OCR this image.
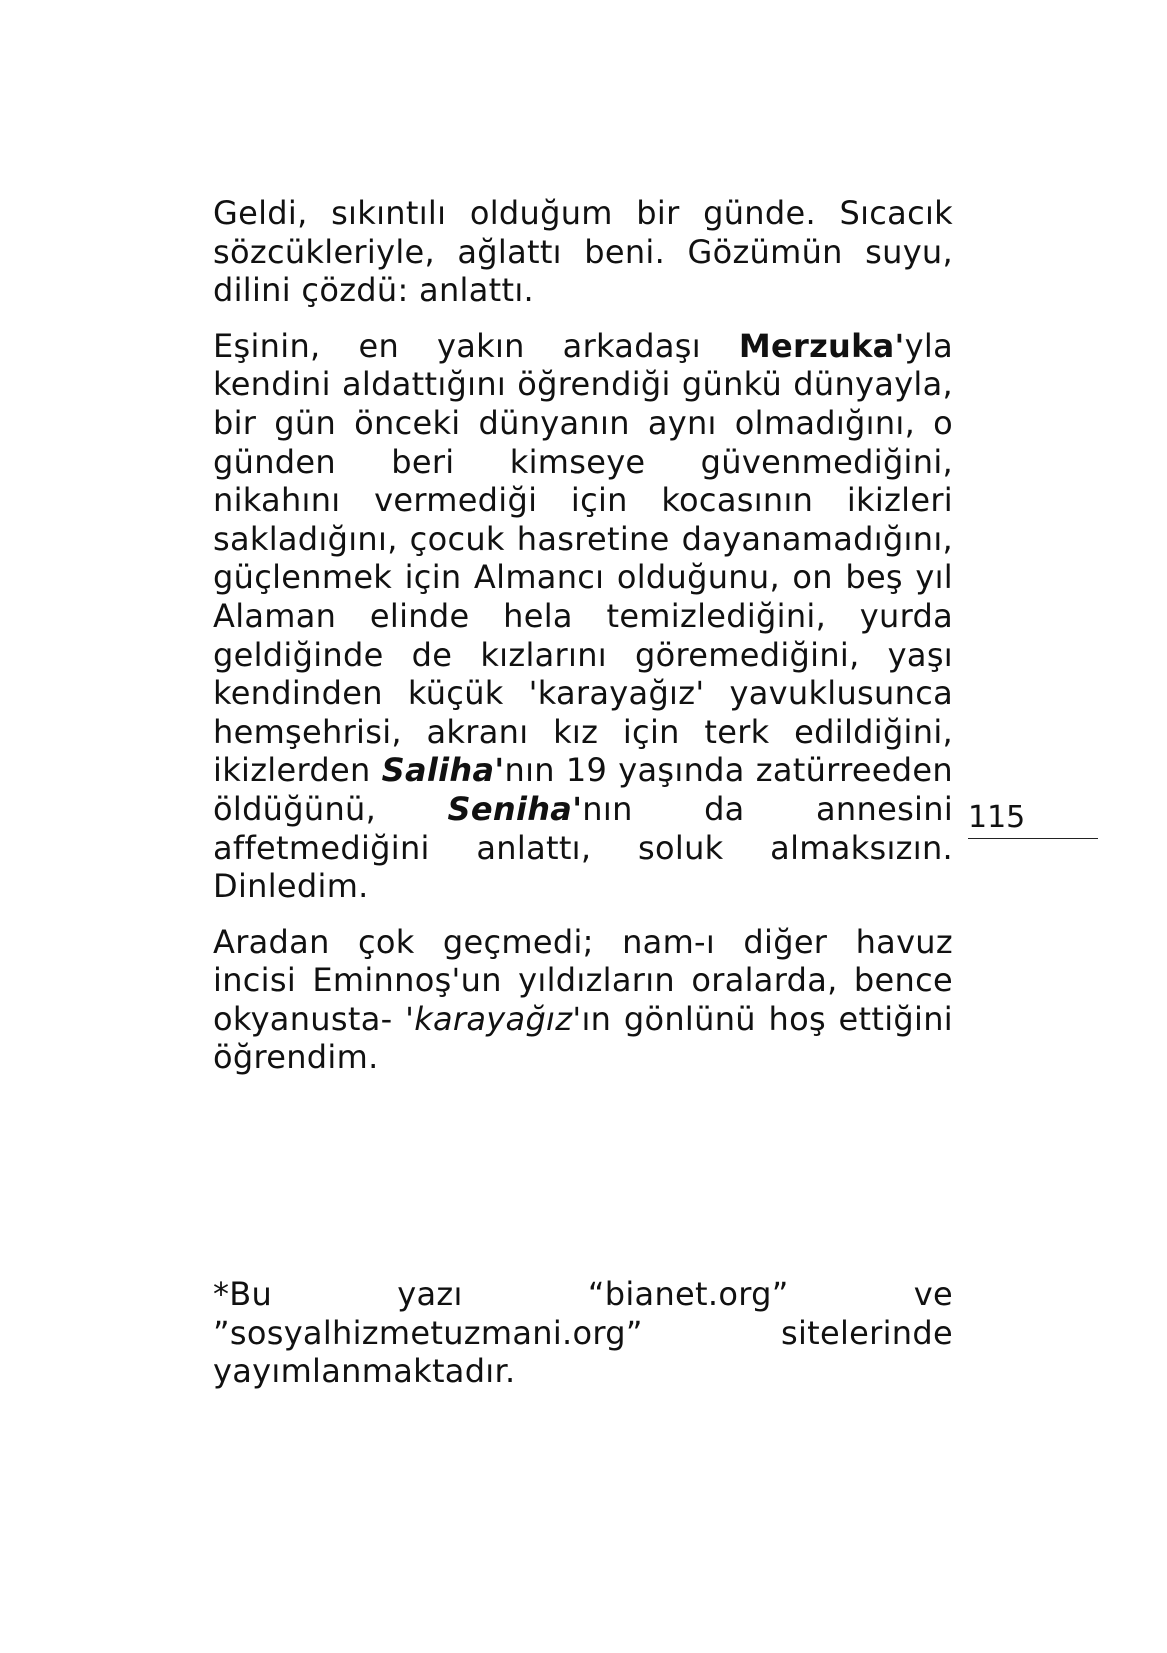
Geldi, sıkıntılı olduğum bir günde. Sıcacık sözcükleriyle, ağlattı beni. Gözümün suyu, dilini çözdü: anlattı.

Eşinin, en yakın arkadaşı Merzuka'yla kendini aldattığını öğrendiği günkü dünyayla, bir gün önceki dünyanın aynı olmadığını, o günden beri kimseye güvenmediğini, nikahını vermediği için kocasının ikizleri sakladığını, çocuk hasretine dayanamadığını, güçlenmek için Almancı olduğunu, on beş yıl Alaman elinde hela temizlediğini, yurda geldiğinde de kızlarını göremediğini, yaşı kendinden küçük 'karayağız' yavuklusunca hemşehrisi, akranı kız için terk edildiğini, ikizlerden Saliha'nın 19 yaşında zatürreeden öldüğünü, Seniha'nın da annesini affetmediğini anlattı, soluk almaksızın. Dinledim.

Aradan çok geçmedi; nam-ı diğer havuz incisi Eminnoş'un yıldızların oralarda, bence okyanusta- 'karayağız'ın gönlünü hoş ettiğini öğrendim.

115

*Bu yazı “bianet.org” ve ”sosyalhizmetuzmani.org” sitelerinde yayımlanmaktadır.
